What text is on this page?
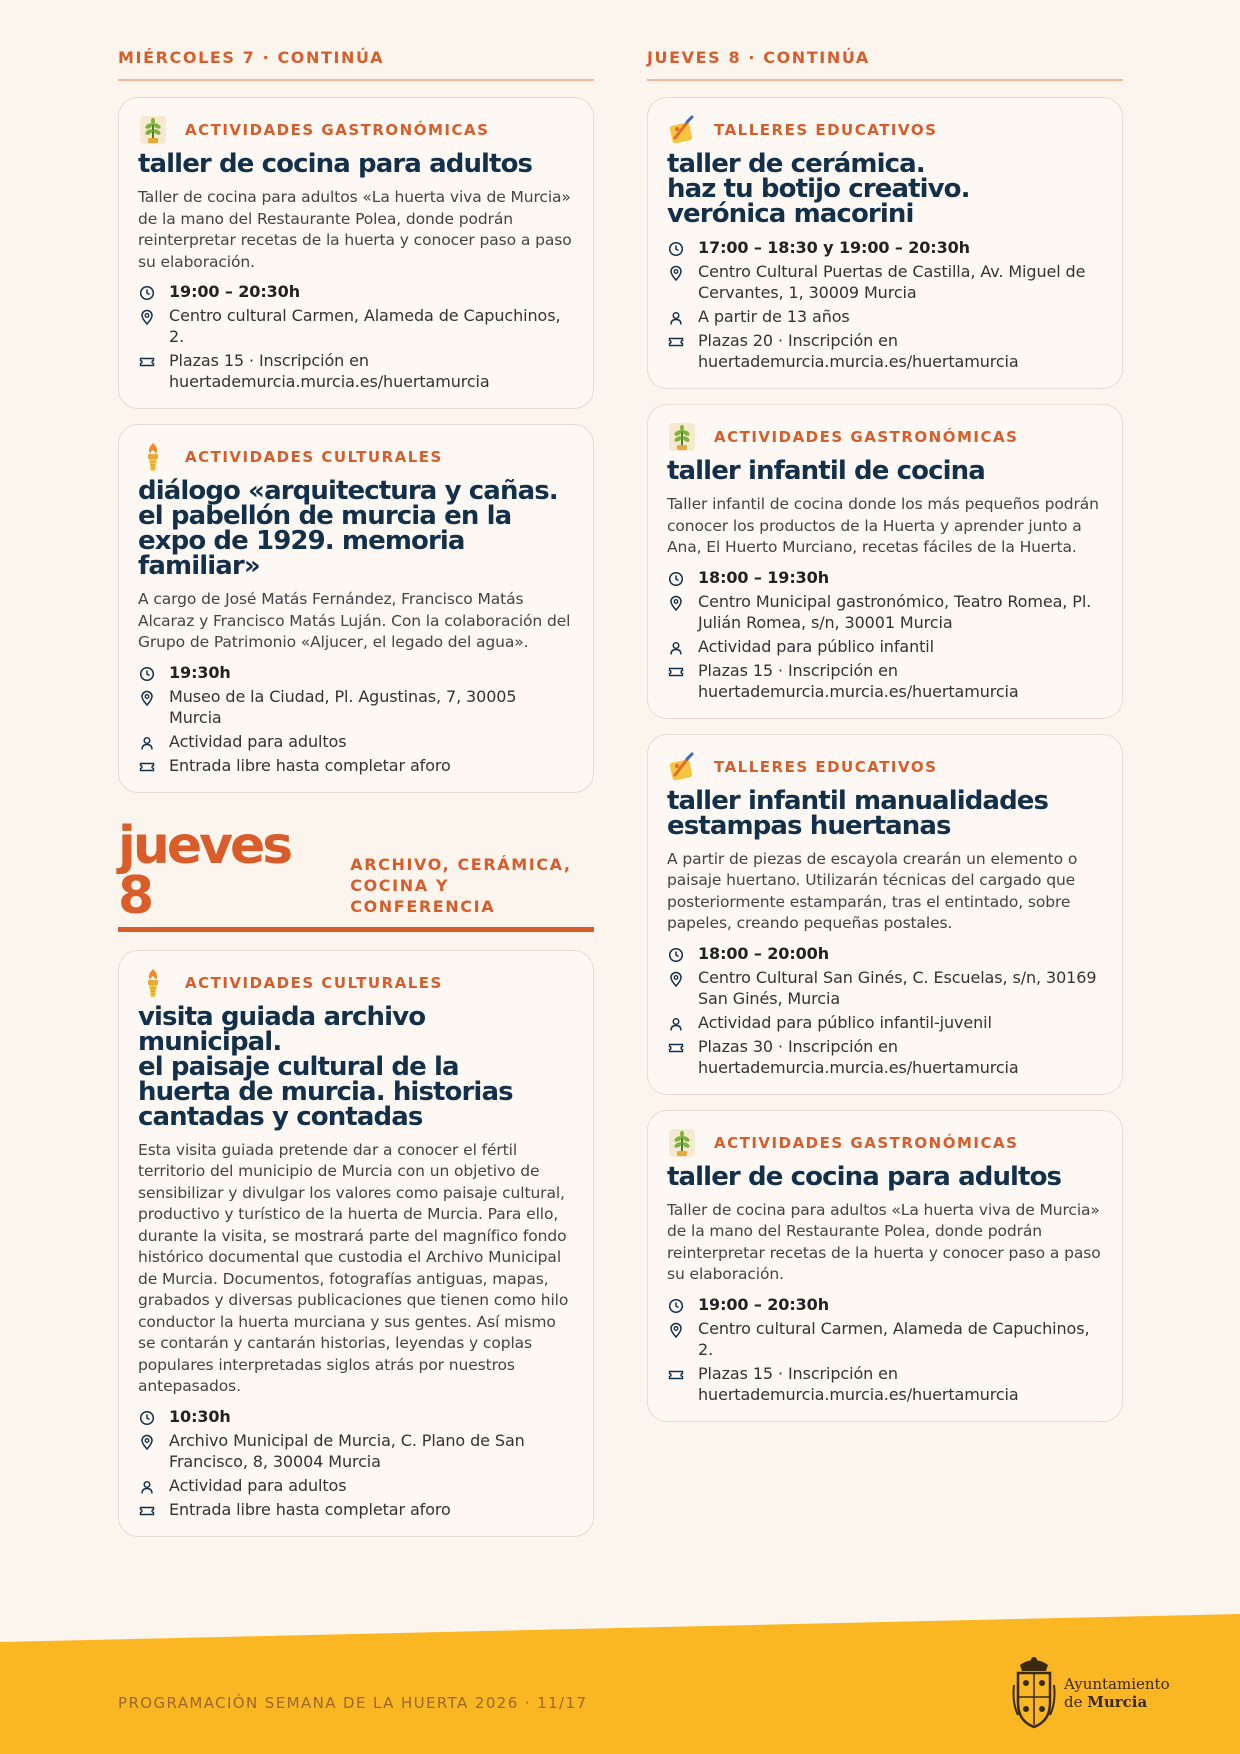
MIÉRCOLES 7 · CONTINÚA
ACTIVIDADES GASTRONÓMICAS
taller de cocina para adultos

Taller de cocina para adultos «La huerta viva de Murcia» de la mano del Restaurante Polea, donde podrán reinterpretar recetas de la huerta y conocer paso a paso su elaboración.

19:00 – 20:30h
Centro cultural Carmen, Alameda de Capuchinos, 2.
Plazas 15 · Inscripción en huertademurcia.murcia.es/huertamurcia
ACTIVIDADES CULTURALES
diálogo «arquitectura y cañas.
el pabellón de murcia en la
expo de 1929. memoria familiar»

A cargo de José Matás Fernández, Francisco Matás Alcaraz y Francisco Matás Luján. Con la colaboración del Grupo de Patrimonio «Aljucer, el legado del agua».

19:30h
Museo de la Ciudad, Pl. Agustinas, 7, 30005 Murcia
Actividad para adultos
Entrada libre hasta completar aforo
jueves 8
ARCHIVO, CERÁMICA,
COCINA Y CONFERENCIA
ACTIVIDADES CULTURALES
visita guiada archivo municipal.
el paisaje cultural de la
huerta de murcia. historias
cantadas y contadas

Esta visita guiada pretende dar a conocer el fértil territorio del municipio de Murcia con un objetivo de sensibilizar y divulgar los valores como paisaje cultural, productivo y turístico de la huerta de Murcia. Para ello, durante la visita, se mostrará parte del magnífico fondo histórico documental que custodia el Archivo Municipal de Murcia. Documentos, fotografías antiguas, mapas, grabados y diversas publicaciones que tienen como hilo conductor la huerta murciana y sus gentes. Así mismo se contarán y cantarán historias, leyendas y coplas populares interpretadas siglos atrás por nuestros antepasados.

10:30h
Archivo Municipal de Murcia, C. Plano de San Francisco, 8, 30004 Murcia
Actividad para adultos
Entrada libre hasta completar aforo
JUEVES 8 · CONTINÚA
TALLERES EDUCATIVOS
taller de cerámica.
haz tu botijo creativo.
verónica macorini
17:00 – 18:30 y 19:00 – 20:30h
Centro Cultural Puertas de Castilla, Av. Miguel de Cervantes, 1, 30009 Murcia
A partir de 13 años
Plazas 20 · Inscripción en huertademurcia.murcia.es/huertamurcia
ACTIVIDADES GASTRONÓMICAS
taller infantil de cocina

Taller infantil de cocina donde los más pequeños podrán conocer los productos de la Huerta y aprender junto a Ana, El Huerto Murciano, recetas fáciles de la Huerta.

18:00 – 19:30h
Centro Municipal gastronómico, Teatro Romea, Pl. Julián Romea, s/n, 30001 Murcia
Actividad para público infantil
Plazas 15 · Inscripción en huertademurcia.murcia.es/huertamurcia
TALLERES EDUCATIVOS
taller infantil manualidades
estampas huertanas

A partir de piezas de escayola crearán un elemento o paisaje huertano. Utilizarán técnicas del cargado que posteriormente estamparán, tras el entintado, sobre papeles, creando pequeñas postales.

18:00 – 20:00h
Centro Cultural San Ginés, C. Escuelas, s/n, 30169 San Ginés, Murcia
Actividad para público infantil-juvenil
Plazas 30 · Inscripción en huertademurcia.murcia.es/huertamurcia
ACTIVIDADES GASTRONÓMICAS
taller de cocina para adultos

Taller de cocina para adultos «La huerta viva de Murcia» de la mano del Restaurante Polea, donde podrán reinterpretar recetas de la huerta y conocer paso a paso su elaboración.

19:00 – 20:30h
Centro cultural Carmen, Alameda de Capuchinos, 2.
Plazas 15 · Inscripción en huertademurcia.murcia.es/huertamurcia
PROGRAMACIÓN SEMANA DE LA HUERTA 2026 · 11/17
Ayuntamiento
de Murcia
